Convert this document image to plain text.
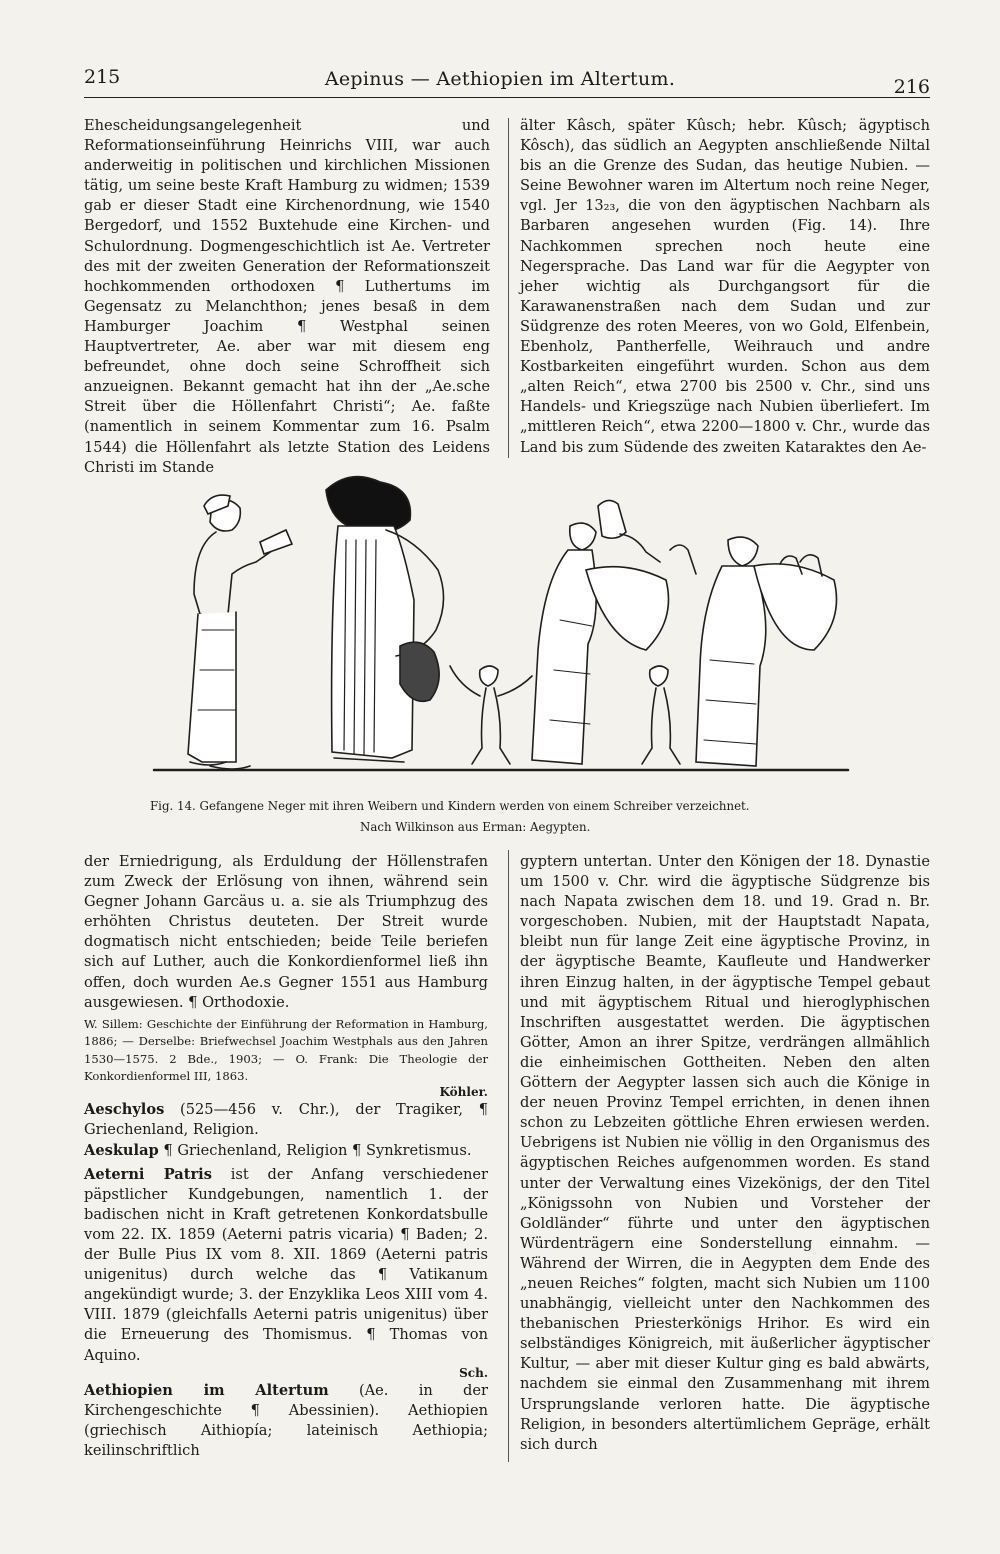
215	Aepinus — Aethiopien im Altertum.	216

Ehescheidungsangelegenheit und Reformationseinführung Heinrichs VIII, war auch anderweitig in politischen und kirchlichen Missionen tätig, um seine beste Kraft Hamburg zu widmen; 1539 gab er dieser Stadt eine Kirchenordnung, wie 1540 Bergedorf, und 1552 Buxtehude eine Kirchen- und Schulordnung. Dogmengeschichtlich ist Ae. Vertreter des mit der zweiten Generation der Reformationszeit hochkommenden orthodoxen ¶ Luthertums im Gegensatz zu Melanchthon; jenes besaß in dem Hamburger Joachim ¶ Westphal seinen Hauptvertreter, Ae. aber war mit diesem eng befreundet, ohne doch seine Schroffheit sich anzueignen. Bekannt gemacht hat ihn der „Ae.sche Streit über die Höllenfahrt Christi“; Ae. faßte (namentlich in seinem Kommentar zum 16. Psalm 1544) die Höllenfahrt als letzte Station des Leidens Christi im Stande

älter Kâsch, später Kûsch; hebr. Kûsch; ägyptisch Kôsch), das südlich an Aegypten anschließende Niltal bis an die Grenze des Sudan, das heutige Nubien. — Seine Bewohner waren im Altertum noch reine Neger, vgl. Jer 13₂₃, die von den ägyptischen Nachbarn als Barbaren angesehen wurden (Fig. 14). Ihre Nachkommen sprechen noch heute eine Negersprache. Das Land war für die Aegypter von jeher wichtig als Durchgangsort für die Karawanenstraßen nach dem Sudan und zur Südgrenze des roten Meeres, von wo Gold, Elfenbein, Ebenholz, Pantherfelle, Weihrauch und andre Kostbarkeiten eingeführt wurden. Schon aus dem „alten Reich“, etwa 2700 bis 2500 v. Chr., sind uns Handels- und Kriegszüge nach Nubien überliefert. Im „mittleren Reich“, etwa 2200—1800 v. Chr., wurde das Land bis zum Südende des zweiten Kataraktes den Ae-

Fig. 14. Gefangene Neger mit ihren Weibern und Kindern werden von einem Schreiber verzeichnet.
Nach Wilkinson aus Erman: Aegypten.

der Erniedrigung, als Erduldung der Höllenstrafen zum Zweck der Erlösung von ihnen, während sein Gegner Johann Garcäus u. a. sie als Triumphzug des erhöhten Christus deuteten. Der Streit wurde dogmatisch nicht entschieden; beide Teile beriefen sich auf Luther, auch die Konkordienformel ließ ihn offen, doch wurden Ae.s Gegner 1551 aus Hamburg ausgewiesen. ¶ Orthodoxie.

W. Sillem: Geschichte der Einführung der Reformation in Hamburg, 1886; — Derselbe: Briefwechsel Joachim Westphals aus den Jahren 1530—1575. 2 Bde., 1903; — O. Frank: Die Theologie der Konkordienformel III, 1863.

Köhler.

Aeschylos (525—456 v. Chr.), der Tragiker, ¶ Griechenland, Religion.

Aeskulap ¶ Griechenland, Religion ¶ Synkretismus.

Aeterni Patris ist der Anfang verschiedener päpstlicher Kundgebungen, namentlich 1. der badischen nicht in Kraft getretenen Konkordatsbulle vom 22. IX. 1859 (Aeterni patris vicaria) ¶ Baden; 2. der Bulle Pius IX vom 8. XII. 1869 (Aeterni patris unigenitus) durch welche das ¶ Vatikanum angekündigt wurde; 3. der Enzyklika Leos XIII vom 4. VIII. 1879 (gleichfalls Aeterni patris unigenitus) über die Erneuerung des Thomismus. ¶ Thomas von Aquino.

Sch.

Aethiopien im Altertum (Ae. in der Kirchengeschichte ¶ Abessinien). Aethiopien (griechisch Aithiopía; lateinisch Aethiopia; keilinschriftlich

gyptern untertan. Unter den Königen der 18. Dynastie um 1500 v. Chr. wird die ägyptische Südgrenze bis nach Napata zwischen dem 18. und 19. Grad n. Br. vorgeschoben. Nubien, mit der Hauptstadt Napata, bleibt nun für lange Zeit eine ägyptische Provinz, in der ägyptische Beamte, Kaufleute und Handwerker ihren Einzug halten, in der ägyptische Tempel gebaut und mit ägyptischem Ritual und hieroglyphischen Inschriften ausgestattet werden. Die ägyptischen Götter, Amon an ihrer Spitze, verdrängen allmählich die einheimischen Gottheiten. Neben den alten Göttern der Aegypter lassen sich auch die Könige in der neuen Provinz Tempel errichten, in denen ihnen schon zu Lebzeiten göttliche Ehren erwiesen werden. Uebrigens ist Nubien nie völlig in den Organismus des ägyptischen Reiches aufgenommen worden. Es stand unter der Verwaltung eines Vizekönigs, der den Titel „Königssohn von Nubien und Vorsteher der Goldländer“ führte und unter den ägyptischen Würdenträgern eine Sonderstellung einnahm. — Während der Wirren, die in Aegypten dem Ende des „neuen Reiches“ folgten, macht sich Nubien um 1100 unabhängig, vielleicht unter den Nachkommen des thebanischen Priesterkönigs Hrihor. Es wird ein selbständiges Königreich, mit äußerlicher ägyptischer Kultur, — aber mit dieser Kultur ging es bald abwärts, nachdem sie einmal den Zusammenhang mit ihrem Ursprungslande verloren hatte. Die ägyptische Religion, in besonders altertümlichem Gepräge, erhält sich durch
